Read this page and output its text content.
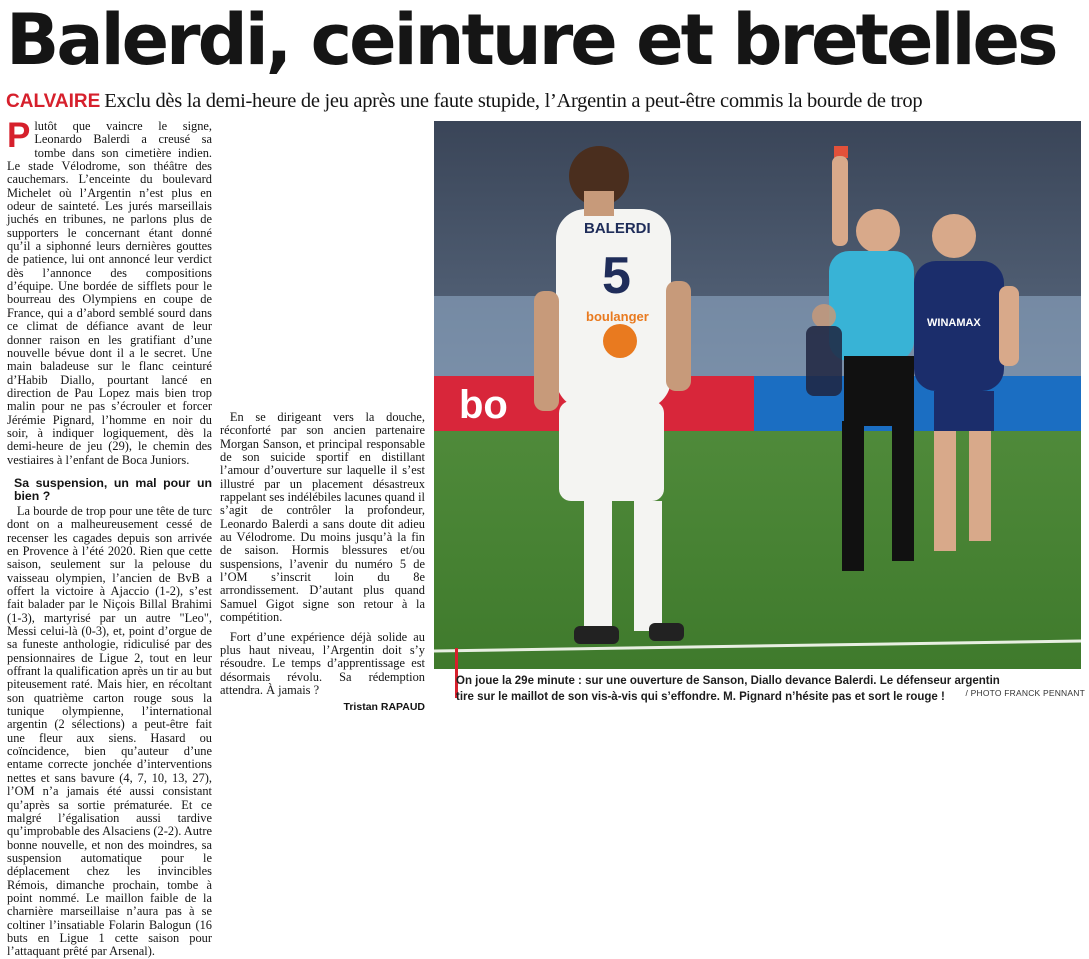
Balerdi, ceinture et bretelles
CALVAIRE Exclu dès la demi-heure de jeu après une faute stupide, l’Argentin a peut-être commis la bourde de trop

Plutôt que vaincre le signe, Leonardo Balerdi a creusé sa tombe dans son cimetière indien. Le stade Vélodrome, son théâtre des cauchemars. L’enceinte du boulevard Michelet où l’Argentin n’est plus en odeur de sainteté. Les jurés marseillais juchés en tribunes, ne parlons plus de supporters le concernant étant donné qu’il a siphonné leurs dernières gouttes de patience, lui ont annoncé leur verdict dès l’annonce des compositions d’équipe. Une bordée de sifflets pour le bourreau des Olympiens en coupe de France, qui a d’abord semblé sourd dans ce climat de défiance avant de leur donner raison en les gratifiant d’une nouvelle bévue dont il a le secret. Une main baladeuse sur le flanc ceinturé d’Habib Diallo, pourtant lancé en direction de Pau Lopez mais bien trop malin pour ne pas s’écrouler et forcer Jérémie Pignard, l’homme en noir du soir, à indiquer logiquement, dès la demi-heure de jeu (29), le chemin des vestiaires à l’enfant de Boca Juniors.

Sa suspension, un mal pour un bien ?

La bourde de trop pour une tête de turc dont on a malheureusement cessé de recenser les cagades depuis son arrivée en Provence à l’été 2020. Rien que cette saison, seulement sur la pelouse du vaisseau olympien, l’ancien de BvB a offert la victoire à Ajaccio (1-2), s’est fait balader par le Niçois Billal Brahimi (1-3), martyrisé par un autre "Leo", Messi celui-là (0-3), et, point d’orgue de sa funeste anthologie, ridiculisé par des pensionnaires de Ligue 2, tout en leur offrant la qualification après un tir au but piteusement raté. Mais hier, en récoltant son quatrième carton rouge sous la tunique olympienne, l’international argentin (2 sélections) a peut-être fait une fleur aux siens. Hasard ou coïncidence, bien qu’auteur d’une entame correcte jonchée d’interventions nettes et sans bavure (4, 7, 10, 13, 27), l’OM n’a jamais été aussi consistant qu’après sa sortie prématurée. Et ce malgré l’égalisation aussi tardive qu’improbable des Alsaciens (2-2). Autre bonne nouvelle, et non des moindres, sa suspension automatique pour le déplacement chez les invincibles Rémois, dimanche prochain, tombe à point nommé. Le maillon faible de la charnière marseillaise n’aura pas à se coltiner l’insatiable Folarin Balogun (16 buts en Ligue 1 cette saison pour l’attaquant prêté par Arsenal).

En se dirigeant vers la douche, réconforté par son ancien partenaire Morgan Sanson, et principal responsable de son suicide sportif en distillant l’amour d’ouverture sur laquelle il s’est illustré par un placement désastreux rappelant ses indélébiles lacunes quand il s’agit de contrôler la profondeur, Leonardo Balerdi a sans doute dit adieu au Vélodrome. Du moins jusqu’à la fin de saison. Hormis blessures et/ou suspensions, l’avenir du numéro 5 de l’OM s’inscrit loin du 8e arrondissement. D’autant plus quand Samuel Gigot signe son retour à la compétition.

Fort d’une expérience déjà solide au plus haut niveau, l’Argentin doit s’y résoudre. Le temps d’apprentissage est désormais révolu. Sa rédemption attendra. À jamais ?

Tristan RAPAUD
bo
BALERDI
5
boulanger	WINAMAX
On joue la 29e minute : sur une ouverture de Sanson, Diallo devance Balerdi. Le défenseur argentin tire sur le maillot de son vis-à-vis qui s’effondre. M. Pignard n’hésite pas et sort le rouge !	/ PHOTO FRANCK PENNANT
